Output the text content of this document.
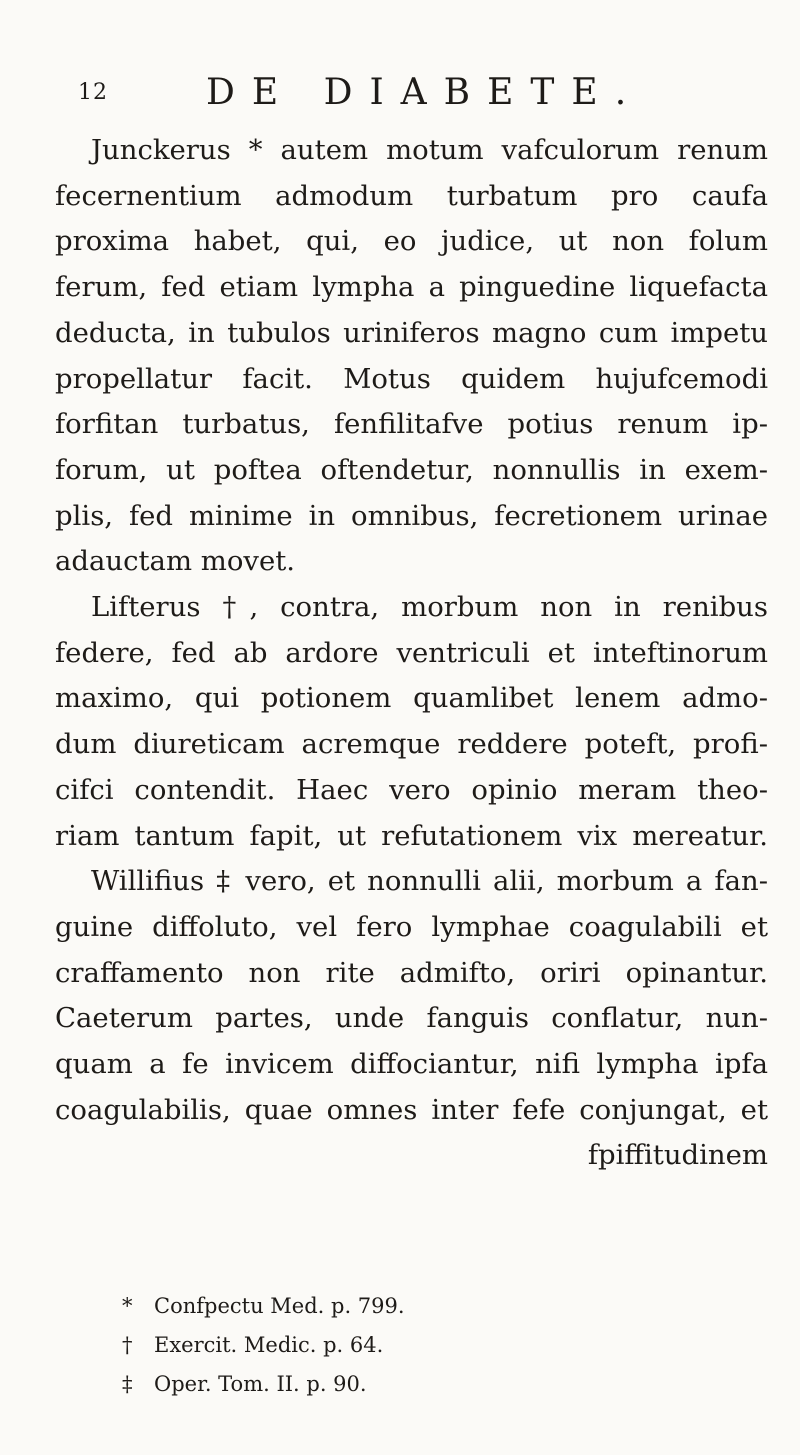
12	DE DIABETE.

Junckerus * autem motum vafculorum renum
fecernentium admodum turbatum pro caufa
proxima habet, qui, eo judice, ut non folum
ferum, fed etiam lympha a pinguedine liquefacta
deducta, in tubulos uriniferos magno cum impetu
propellatur facit. Motus quidem hujufcemodi
forfitan turbatus, fenfilitafve potius renum ip-
forum, ut poftea oftendetur, nonnullis in exem-
plis, fed minime in omnibus, fecretionem urinae
adauctam movet.

Lifterus †, contra, morbum non in renibus
federe, fed ab ardore ventriculi et inteftinorum
maximo, qui potionem quamlibet lenem admo-
dum diureticam acremque reddere poteft, profi-
cifci contendit. Haec vero opinio meram theo-
riam tantum fapit, ut refutationem vix mereatur.

Willifius ‡ vero, et nonnulli alii, morbum a fan-
guine diffoluto, vel fero lymphae coagulabili et
craffamento non rite admifto, oriri opinantur.
Caeterum partes, unde fanguis conflatur, nun-
quam a fe invicem diffociantur, nifi lympha ipfa
coagulabilis, quae omnes inter fefe conjungat, et
fpiffitudinem

* Confpectu Med. p. 799.
† Exercit. Medic. p. 64.
‡ Oper. Tom. II. p. 90.
